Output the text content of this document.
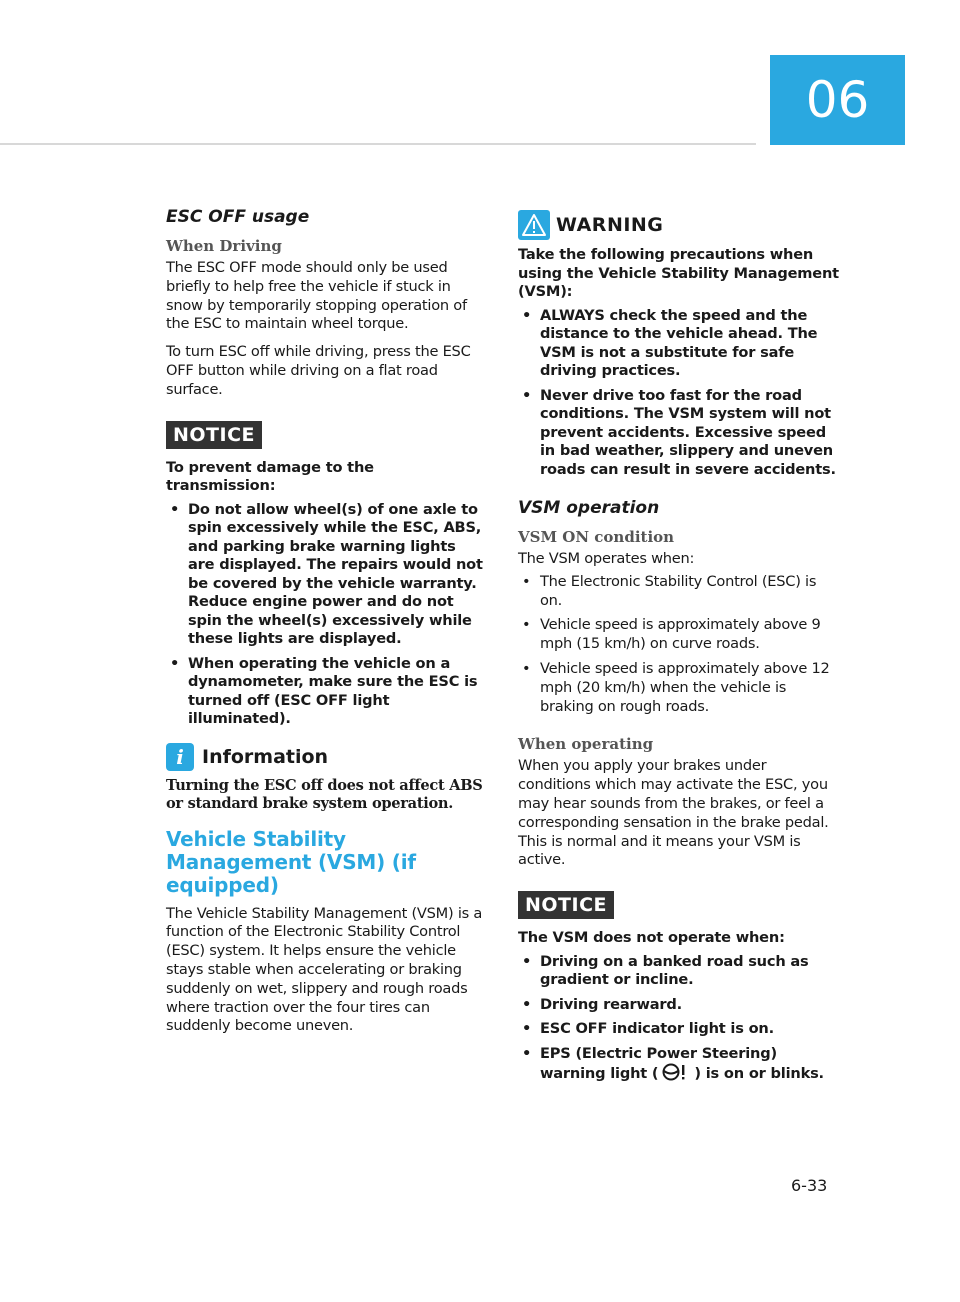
06
ESC OFF usage
When Driving

The ESC OFF mode should only be used briefly to help free the vehicle if stuck in snow by temporarily stopping operation of the ESC to maintain wheel torque.

To turn ESC off while driving, press the ESC OFF button while driving on a flat road surface.

NOTICE
To prevent damage to the transmission:
• Do not allow wheel(s) of one axle to spin excessively while the ESC, ABS, and parking brake warning lights are displayed. The repairs would not be covered by the vehicle warranty. Reduce engine power and do not spin the wheel(s) excessively while these lights are displayed.
• When operating the vehicle on a dynamometer, make sure the ESC is turned off (ESC OFF light illuminated).
i Information

Turning the ESC off does not affect ABS or standard brake system operation.

Vehicle Stability Management (VSM) (if equipped)

The Vehicle Stability Management (VSM) is a function of the Electronic Stability Control (ESC) system. It helps ensure the vehicle stays stable when accelerating or braking suddenly on wet, slippery and rough roads where traction over the four tires can suddenly become uneven.

WARNING
Take the following precautions when using the Vehicle Stability Management (VSM):
• ALWAYS check the speed and the distance to the vehicle ahead. The VSM is not a substitute for safe driving practices.
• Never drive too fast for the road conditions. The VSM system will not prevent accidents. Excessive speed in bad weather, slippery and uneven roads can result in severe accidents.
VSM operation
VSM ON condition

The VSM operates when:

• The Electronic Stability Control (ESC) is on.
• Vehicle speed is approximately above 9 mph (15 km/h) on curve roads.
• Vehicle speed is approximately above 12 mph (20 km/h) when the vehicle is braking on rough roads.
When operating

When you apply your brakes under conditions which may activate the ESC, you may hear sounds from the brakes, or feel a corresponding sensation in the brake pedal. This is normal and it means your VSM is active.

NOTICE
The VSM does not operate when:
• Driving on a banked road such as gradient or incline.
• Driving rearward.
• ESC OFF indicator light is on.
• EPS (Electric Power Steering) warning light ( ) is on or blinks.
6-33
